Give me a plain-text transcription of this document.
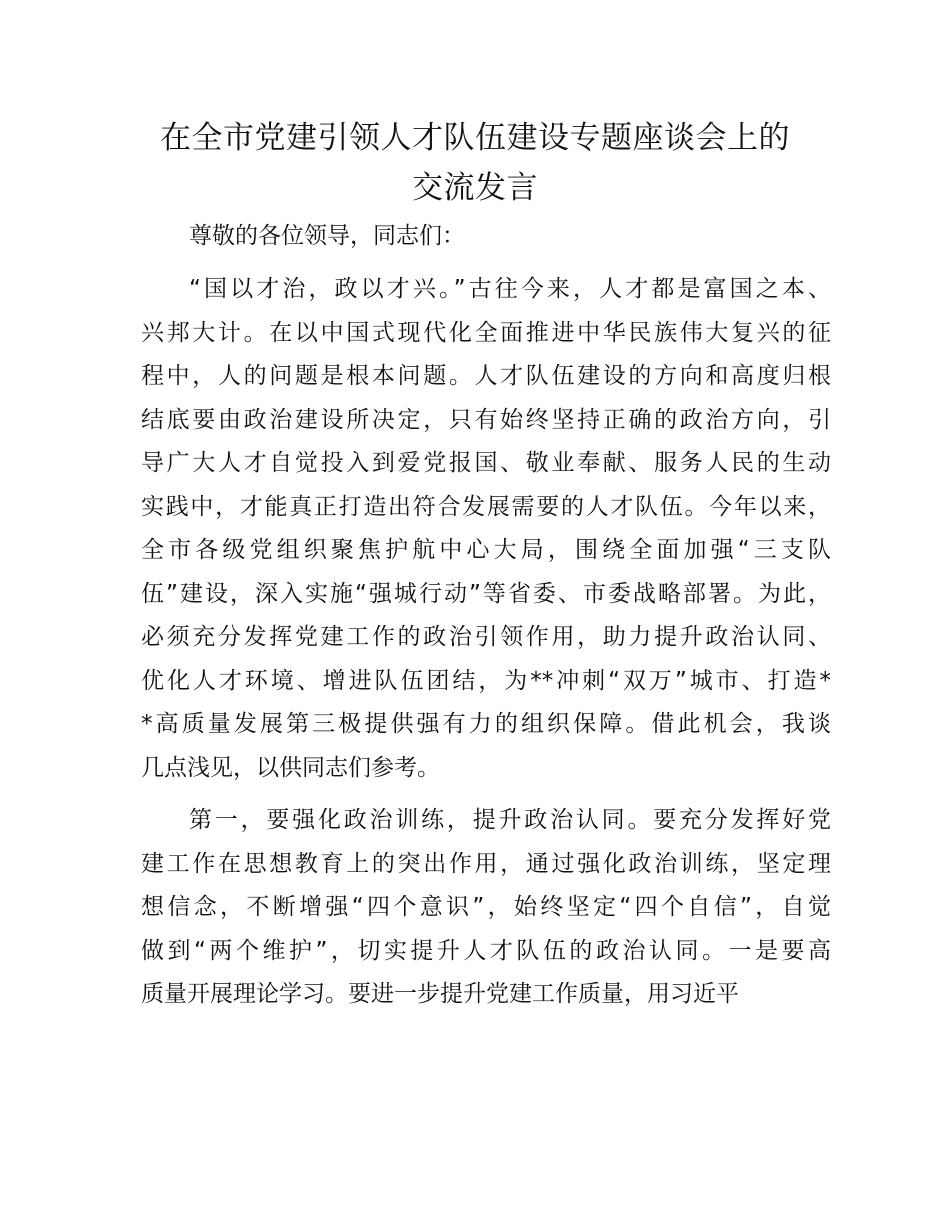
在全市党建引领人才队伍建设专题座谈会上的
交流发言

尊敬的各位领导，同志们：

“国以才治，政以才兴。”古往今来，人才都是富国之本、
兴邦大计。在以中国式现代化全面推进中华民族伟大复兴的征
程中，人的问题是根本问题。人才队伍建设的方向和高度归根
结底要由政治建设所决定，只有始终坚持正确的政治方向，引
导广大人才自觉投入到爱党报国、敬业奉献、服务人民的生动
实践中，才能真正打造出符合发展需要的人才队伍。今年以来，
全市各级党组织聚焦护航中心大局，围绕全面加强“三支队
伍”建设，深入实施“强城行动”等省委、市委战略部署。为此，
必须充分发挥党建工作的政治引领作用，助力提升政治认同、
优化人才环境、增进队伍团结，为**冲刺“双万”城市、打造*
*高质量发展第三极提供强有力的组织保障。借此机会，我谈
几点浅见，以供同志们参考。

第一，要强化政治训练，提升政治认同。要充分发挥好党
建工作在思想教育上的突出作用，通过强化政治训练，坚定理
想信念，不断增强“四个意识”，始终坚定“四个自信”，自觉
做到“两个维护”，切实提升人才队伍的政治认同。一是要高
质量开展理论学习。要进一步提升党建工作质量，用习近平
